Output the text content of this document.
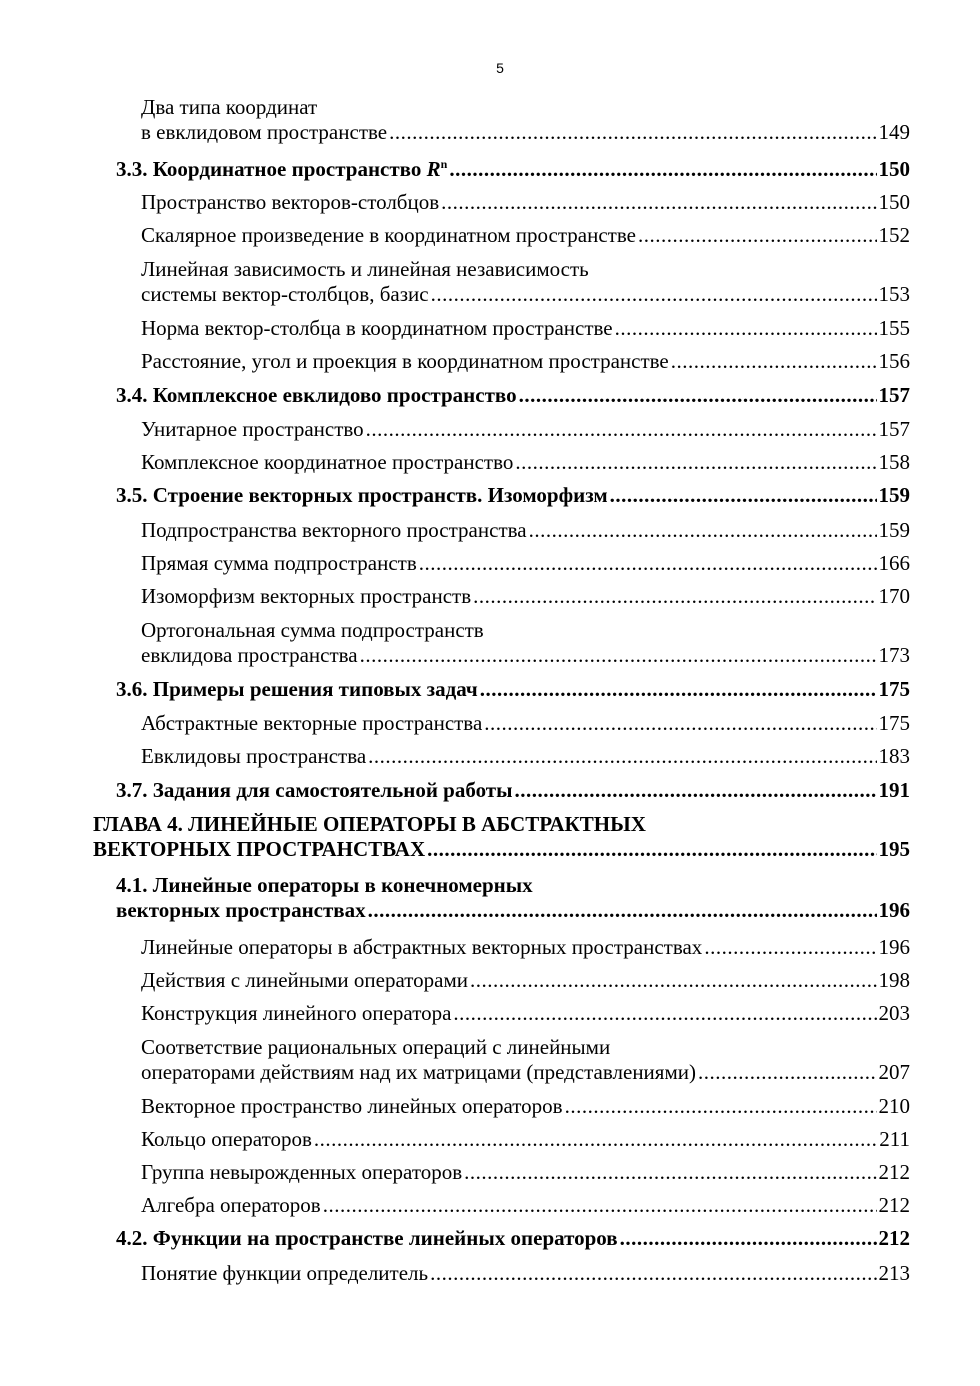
5
Два типа координат
в евклидовом пространстве .....	149
3.3. Координатное пространство $R^n$ .....	150
Пространство векторов-столбцов .....	150
Скалярное произведение в координатном пространстве .....	152
Линейная зависимость и линейная независимость
системы вектор-столбцов, базис .....	153
Норма вектор-столбца в координатном пространстве .....	155
Расстояние, угол и проекция в координатном пространстве .....	156
3.4. Комплексное евклидово пространство .....	157
Унитарное пространство .....	157
Комплексное координатное пространство .....	158
3.5. Строение векторных пространств. Изоморфизм .....	159
Подпространства векторного пространства .....	159
Прямая сумма подпространств .....	166
Изоморфизм векторных пространств .....	170
Ортогональная сумма подпространств
евклидова пространства .....	173
3.6. Примеры решения типовых задач .....	175
Абстрактные векторные пространства .....	175
Евклидовы пространства .....	183
3.7. Задания для самостоятельной работы .....	191
ГЛАВА 4. ЛИНЕЙНЫЕ ОПЕРАТОРЫ В АБСТРАКТНЫХ
ВЕКТОРНЫХ ПРОСТРАНСТВАХ .....	195
4.1. Линейные операторы в конечномерных
векторных пространствах .....	196
Линейные операторы в абстрактных векторных пространствах .....	196
Действия с линейными операторами .....	198
Конструкция линейного оператора .....	203
Соответствие рациональных операций с линейными
операторами действиям над их матрицами (представлениями) .....	207
Векторное пространство линейных операторов .....	210
Кольцо операторов .....	211
Группа невырожденных операторов .....	212
Алгебра операторов .....	212
4.2. Функции на пространстве линейных операторов .....	212
Понятие функции определитель .....	213
